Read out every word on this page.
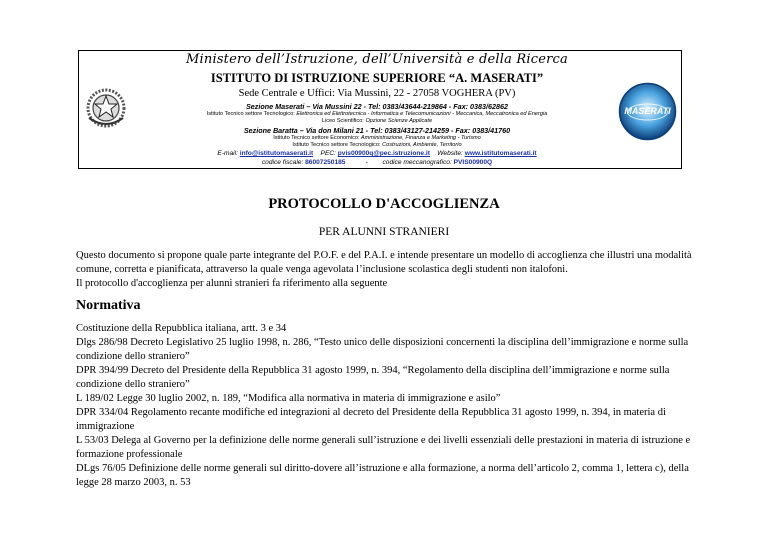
Ministero dell’Istruzione, dell’Università e della Ricerca
ISTITUTO DI ISTRUZIONE SUPERIORE “A. MASERATI”
Sede Centrale e Uffici: Via Mussini, 22 - 27058 VOGHERA (PV)
Sezione Maserati – Via Mussini 22 - Tel: 0383/43644-219864 - Fax: 0383/62862
Istituto Tecnico settore Tecnologico: Elettronica ed Elettrotecnica - Informatica e Telecomunicazioni - Meccanica, Meccatronica ed Energia
Liceo Scientifico: Opzione Scienze Applicate
Sezione Baratta – Via don Milani 21 - Tel: 0383/43127-214259 - Fax: 0383/41760
Istituto Tecnico settore Economico: Amministrazione, Finanza e Marketing - Turismo
Istituto Tecnico settore Tecnologico: Costruzioni, Ambiente, Territorio
E-mail: info@istitutomaserati.it PEC: pvis00900q@pec.istruzione.it Website: www.istitutomaserati.it
codice fiscale: 86007250185	- codice meccanografico: PVIS00900Q
MASERATI
PROTOCOLLO D'ACCOGLIENZA
PER ALUNNI STRANIERI
Questo documento si propone quale parte integrante del P.O.F. e del P.A.I. e intende presentare un modello di accoglienza che illustri una modalità
comune, corretta e pianificata, attraverso la quale venga agevolata l’inclusione scolastica degli studenti non italofoni.
Il protocollo d'accoglienza per alunni stranieri fa riferimento alla seguente
Normativa
Costituzione della Repubblica italiana, artt. 3 e 34
Dlgs 286/98 Decreto Legislativo 25 luglio 1998, n. 286, “Testo unico delle disposizioni concernenti la disciplina dell’immigrazione e norme sulla
condizione dello straniero”
DPR 394/99 Decreto del Presidente della Repubblica 31 agosto 1999, n. 394, “Regolamento della disciplina dell’immigrazione e norme sulla
condizione dello straniero”
L 189/02 Legge 30 luglio 2002, n. 189, “Modifica alla normativa in materia di immigrazione e asilo”
DPR 334/04 Regolamento recante modifiche ed integrazioni al decreto del Presidente della Repubblica 31 agosto 1999, n. 394, in materia di
immigrazione
L 53/03 Delega al Governo per la definizione delle norme generali sull’istruzione e dei livelli essenziali delle prestazioni in materia di istruzione e
formazione professionale
DLgs 76/05 Definizione delle norme generali sul diritto-dovere all’istruzione e alla formazione, a norma dell’articolo 2, comma 1, lettera c), della
legge 28 marzo 2003, n. 53
